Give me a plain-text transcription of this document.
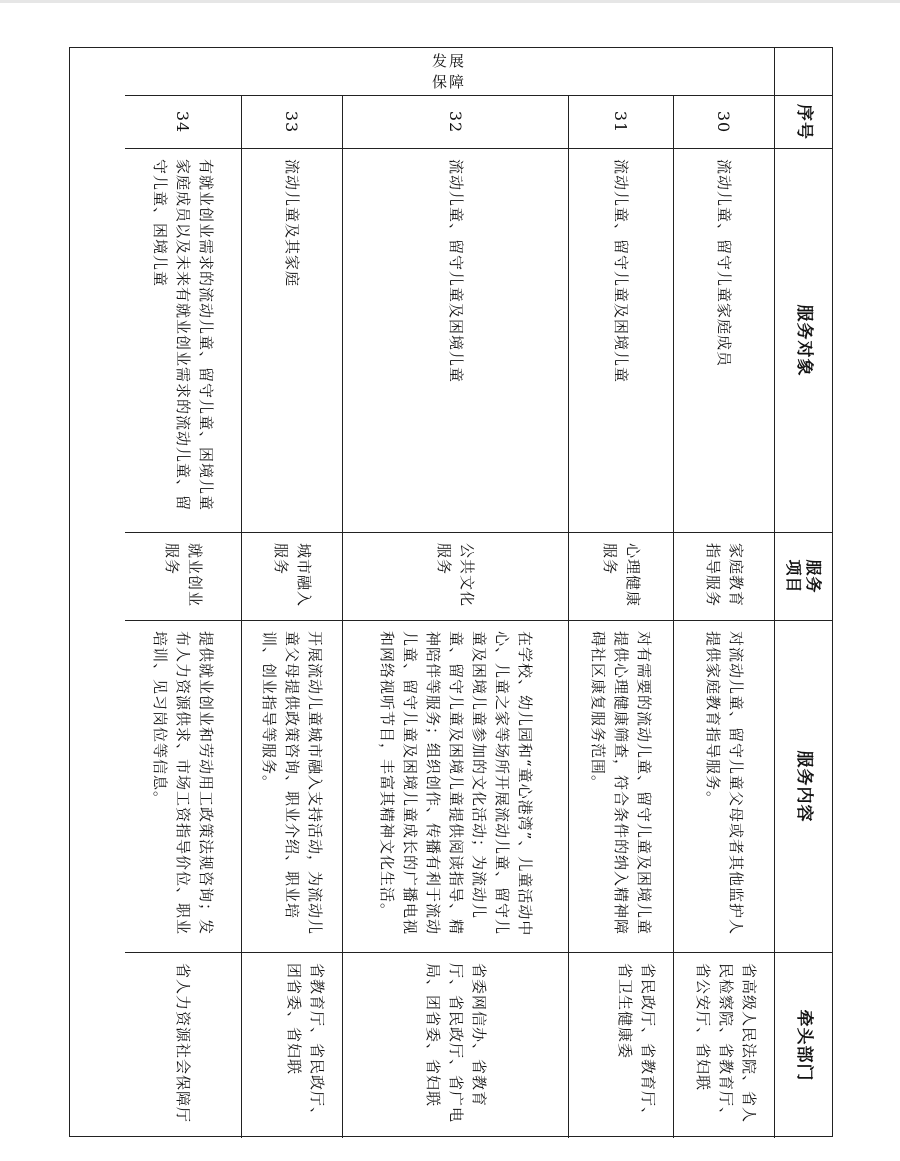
序号
服务对象
服务项目
服务内容
牵头部门
发展保障
30
流动儿童、留守儿童家庭成员
家庭教育指导服务
对流动儿童、留守儿童父母或者其他监护人提供家庭教育指导服务。
省高级人民法院、省人民检察院、省教育厅、省公安厅、省妇联
31
流动儿童、留守儿童及困境儿童
心理健康服务
对有需要的流动儿童、留守儿童及困境儿童提供心理健康筛查，符合条件的纳入精神障碍社区康复服务范围。
省民政厅、省教育厅、省卫生健康委
32
流动儿童、留守儿童及困境儿童
公共文化服务
在学校、幼儿园和“童心港湾”、儿童活动中心、儿童之家等场所开展流动儿童、留守儿童及困境儿童参加的文化活动；为流动儿童、留守儿童及困境儿童提供阅读指导、精神陪伴等服务；组织创作、传播有利于流动儿童、留守儿童及困境儿童成长的广播电视和网络视听节目，丰富其精神文化生活。
省委网信办、省教育厅、省民政厅、省广电局、团省委、省妇联
33
流动儿童及其家庭
城市融入服务
开展流动儿童城市融入支持活动，为流动儿童父母提供政策咨询、职业介绍、职业培训、创业指导等服务。
省教育厅、省民政厅、团省委、省妇联
34
有就业创业需求的流动儿童、留守儿童、困境儿童家庭成员以及未来有就业创业需求的流动儿童、留守儿童、困境儿童
就业创业服务
提供就业创业和劳动用工政策法规咨询；发布人力资源供求、市场工资指导价位、职业培训、见习岗位等信息。
省人力资源社会保障厅
